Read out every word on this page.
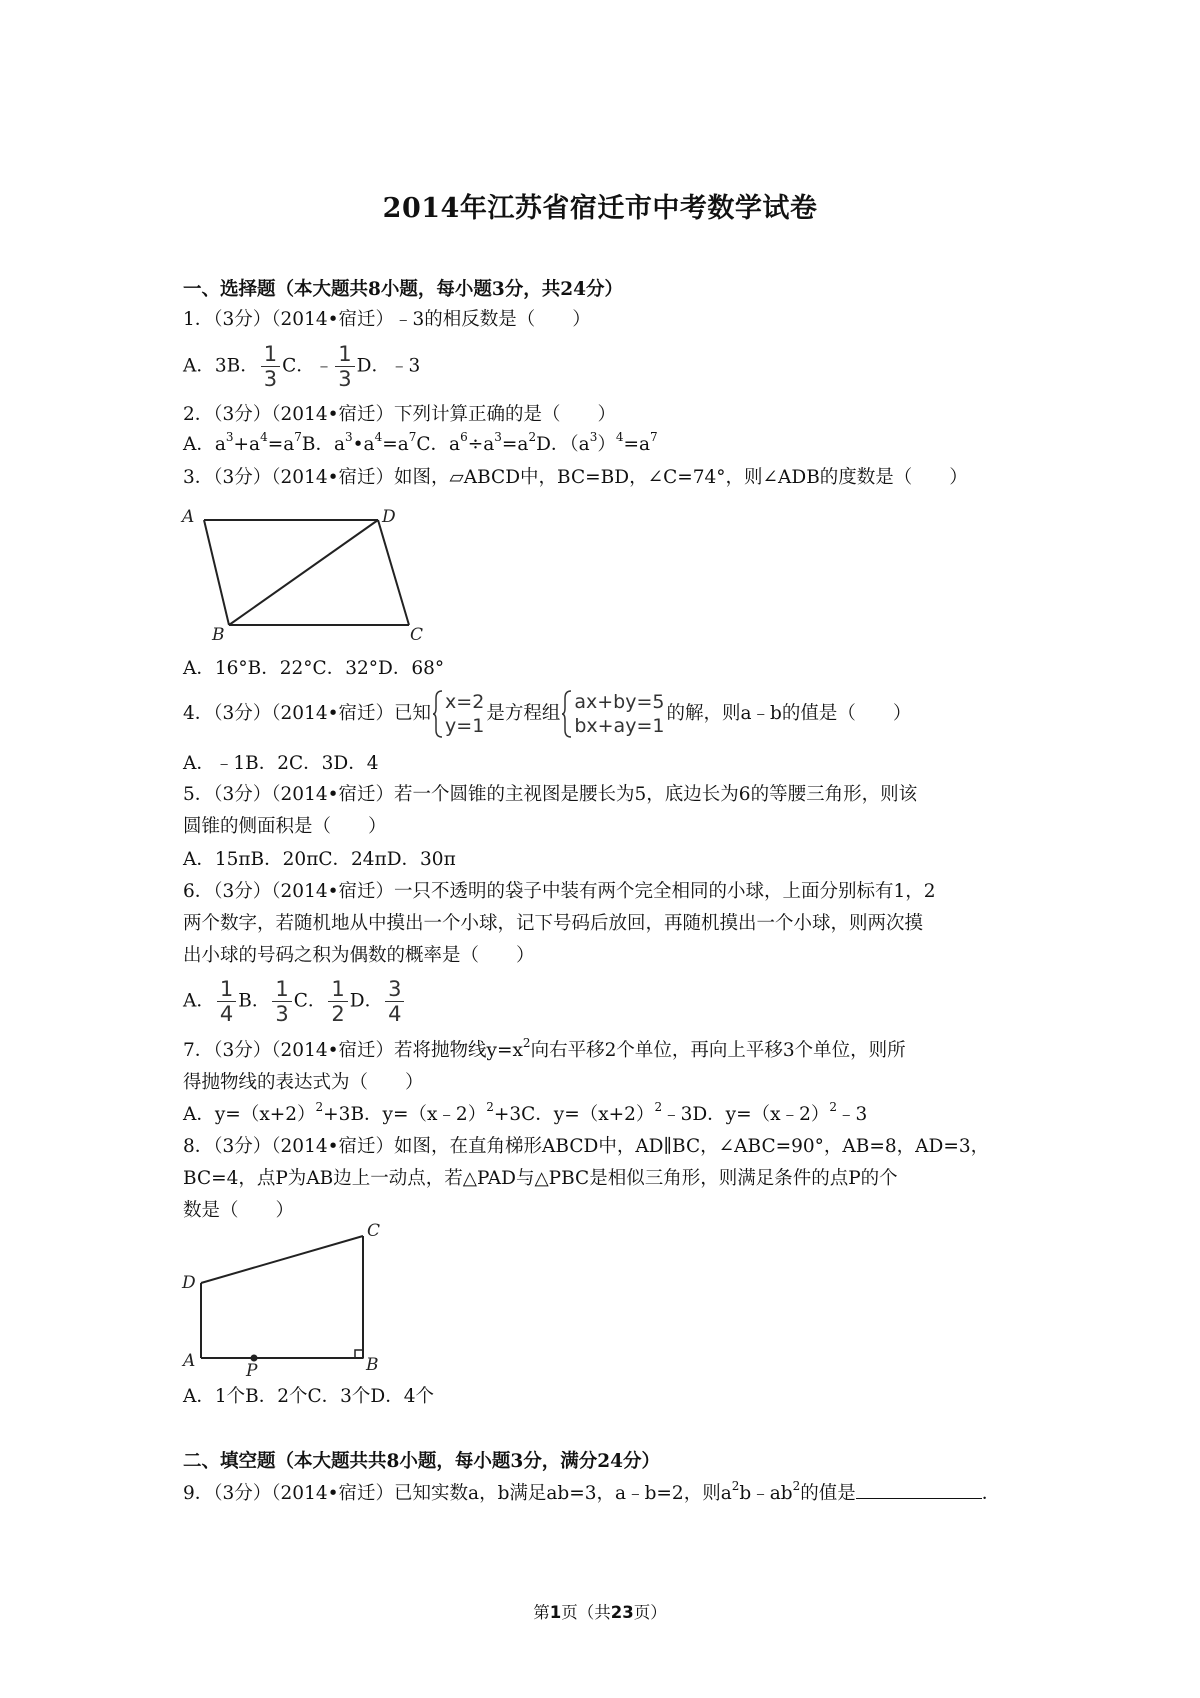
2014年江苏省宿迁市中考数学试卷
一、选择题（本大题共8小题，每小题3分，共24分）
1．（3分）（2014•宿迁）﹣3的相反数是（　　）
A．3B． $\frac{1}{3}$ C．﹣ $\frac{1}{3}$ D．﹣3
2．（3分）（2014•宿迁）下列计算正确的是（　　）
A．$a^3+a^4=a^7B$．$a^3•a^4=a^7C$．$a^6\div a^3=a^2D$．$(a^3)^4=a^7$
3．（3分）（2014•宿迁）如图，▱ABCD中，BC=BD，∠C=74°，则∠ADB的度数是（　　）
A	D
B	C
A．16°B．22°C．32°D．68°
4．（3分）（2014•宿迁）已知
x=2
y=1
是方程组
ax+by=5
bx+ay=1
的解，则a﹣b的值是（　　）
A．﹣1B．2C．3D．4
5．（3分）（2014•宿迁）若一个圆锥的主视图是腰长为5，底边长为6的等腰三角形，则该
圆锥的侧面积是（　　）
A．15πB．20πC．24πD．30π
6．（3分）（2014•宿迁）一只不透明的袋子中装有两个完全相同的小球，上面分别标有1，2
两个数字，若随机地从中摸出一个小球，记下号码后放回，再随机摸出一个小球，则两次摸
出小球的号码之积为偶数的概率是（　　）
A． $\frac{1}{4}$ B． $\frac{1}{3}$ C． $\frac{1}{2}$ D． $\frac{3}{4}$
7．（3分）（2014•宿迁）若将抛物线$y=x^2$向右平移2个单位，再向上平移3个单位，则所
得抛物线的表达式为（　　）
A．$y=(x+2)^2+3B$．y=（x﹣2）$^2$+3C．$y=(x+2)^2﹣3D$．y=（x﹣2）$^2$﹣3
8．（3分）（2014•宿迁）如图，在直角梯形ABCD中，AD∥BC，∠ABC=90°，AB=8，AD=3，
BC=4，点P为AB边上一动点，若△PAD与△PBC是相似三角形，则满足条件的点P的个
数是（　　）
C
D
A	B
P
A．1个B．2个C．3个D．4个
二、填空题（本大题共共8小题，每小题3分，满分24分）
9．（3分）（2014•宿迁）已知实数a，b满足ab=3，a﹣b=2，则$a^2b﹣ab^2$的值是	．
第1页（共23页）
